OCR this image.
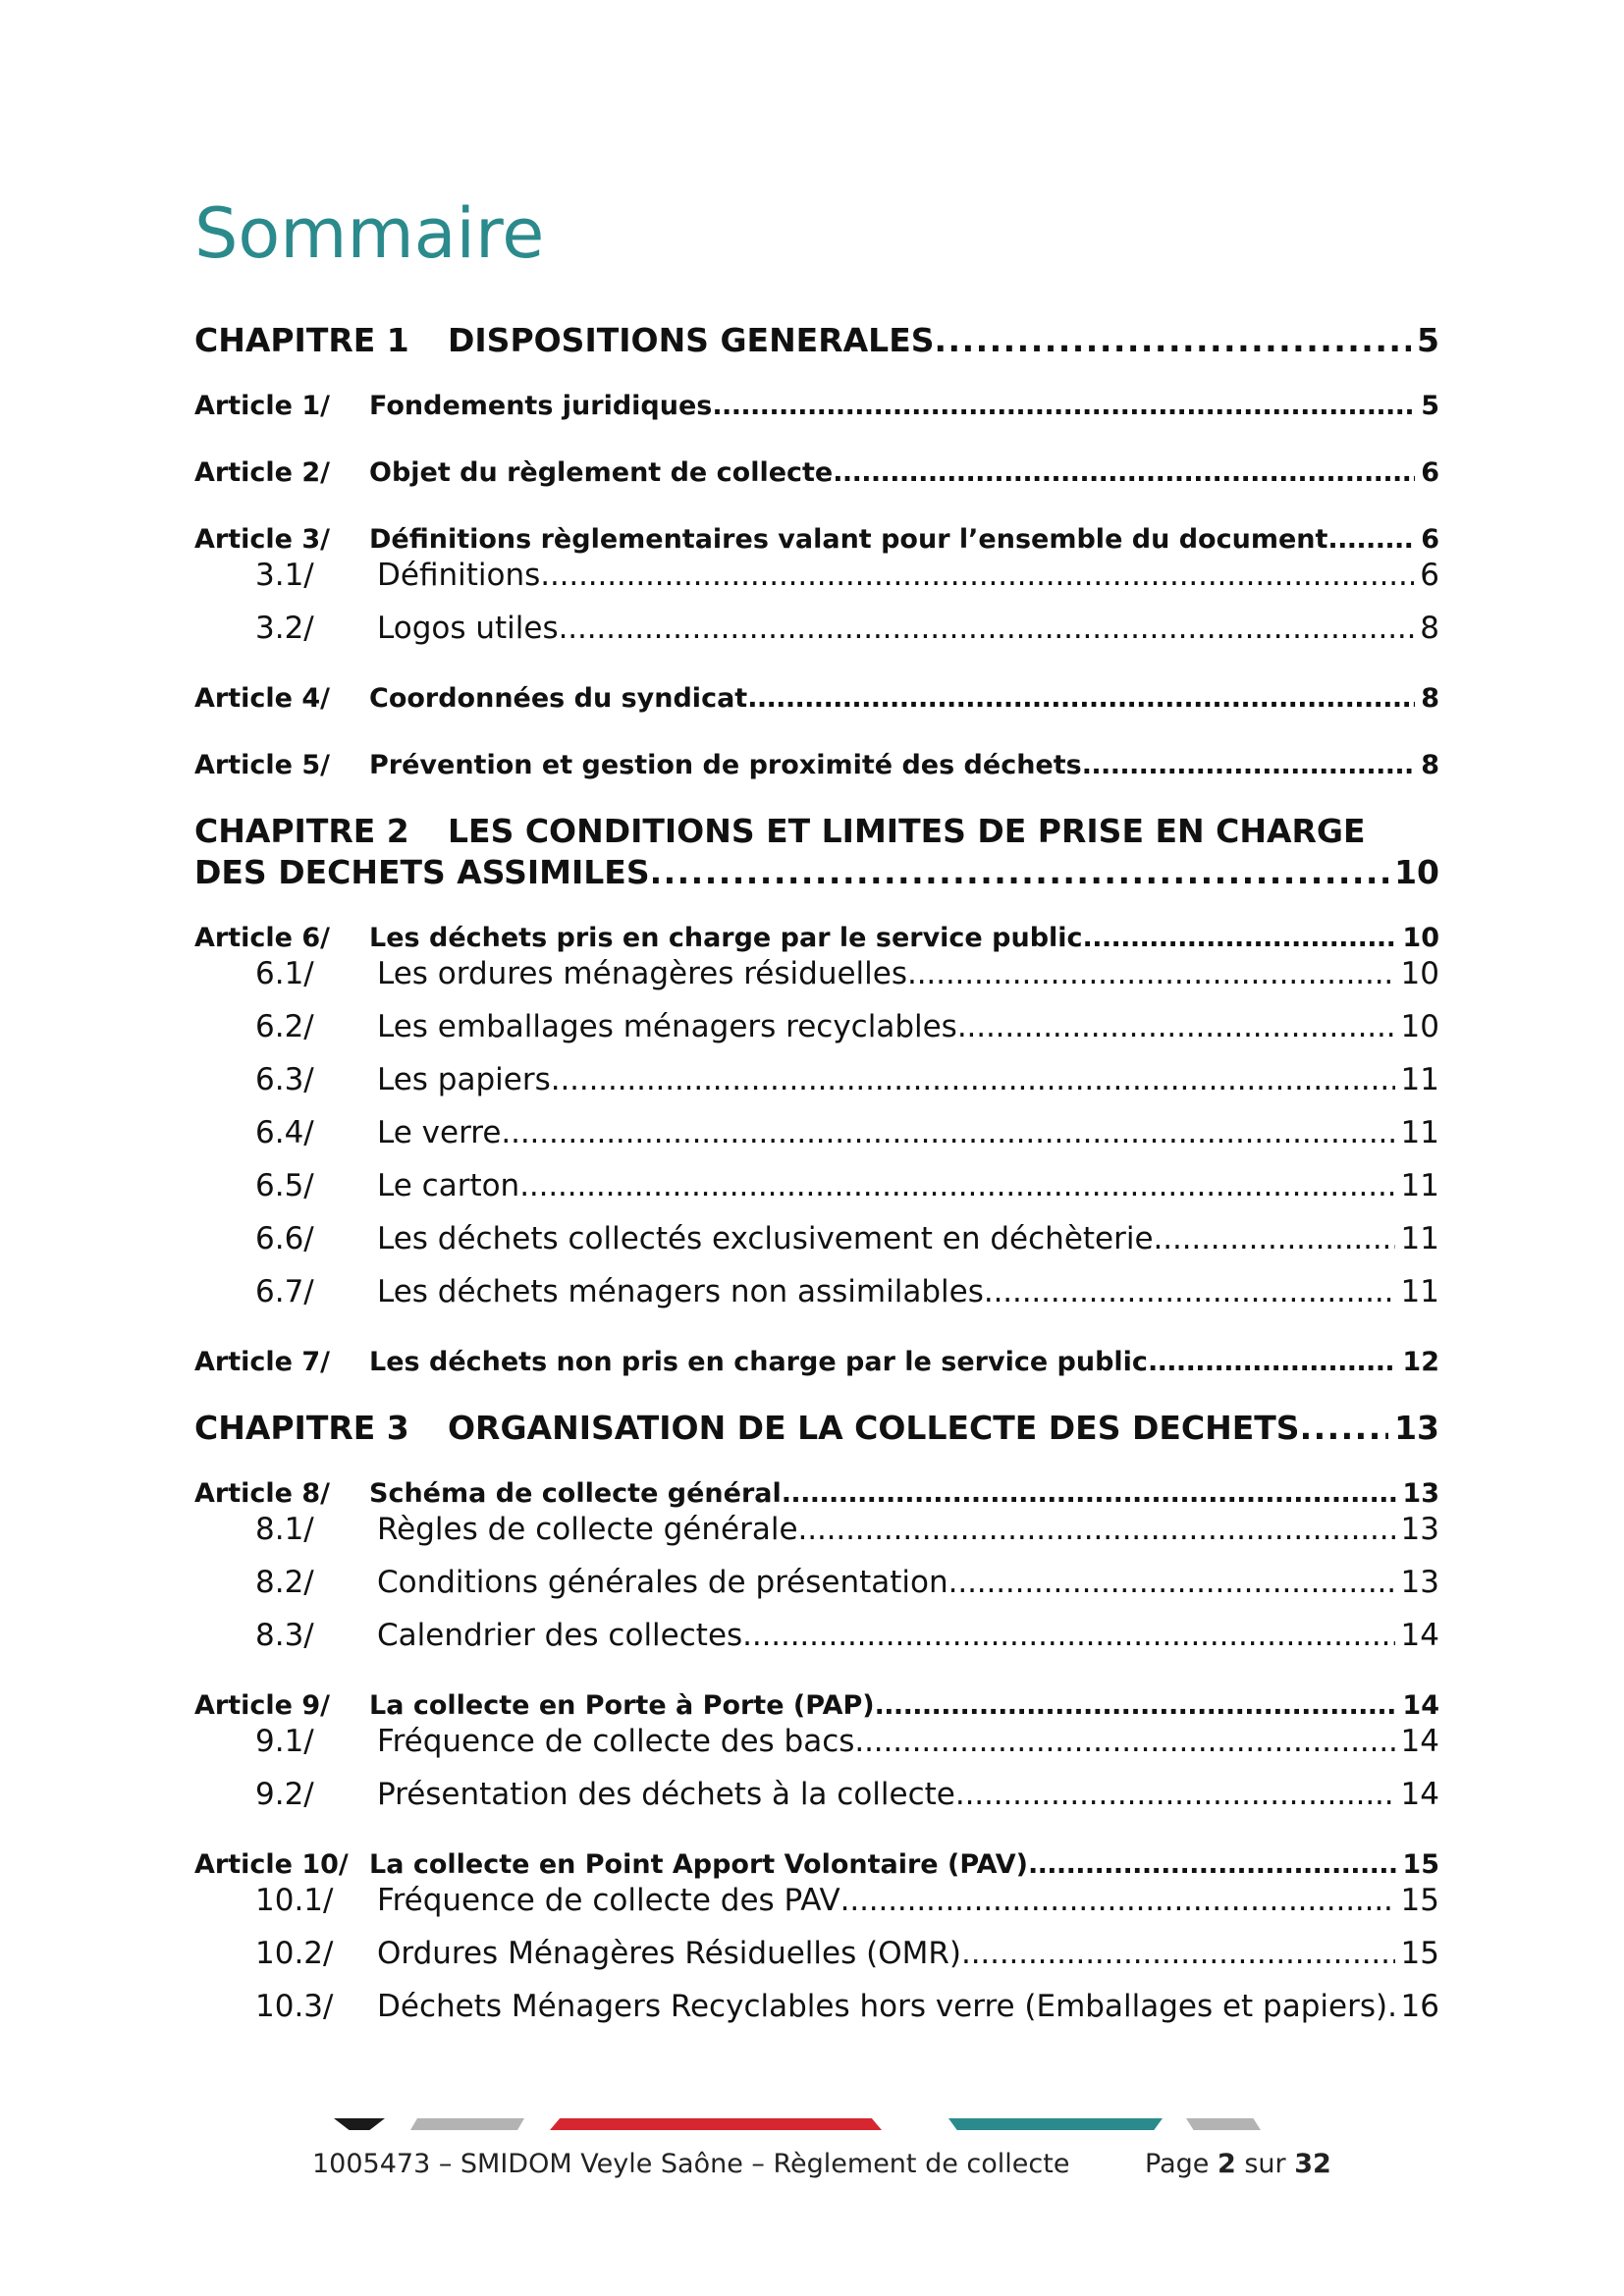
Sommaire
CHAPITRE 1	DISPOSITIONS GENERALES . . .	5
Article 1/	Fondements juridiques . . .	5
Article 2/	Objet du règlement de collecte . . .	6
Article 3/	Définitions règlementaires valant pour l’ensemble du document . . .	6
3.1/	Définitions . . .	6
3.2/	Logos utiles . . .	8
Article 4/	Coordonnées du syndicat . . .	8
Article 5/	Prévention et gestion de proximité des déchets . . .	8
CHAPITRE 2 LES CONDITIONS ET LIMITES DE PRISE EN CHARGE
DES DECHETS ASSIMILES . . .	10
Article 6/	Les déchets pris en charge par le service public . . .	10
6.1/	Les ordures ménagères résiduelles . . .	10
6.2/	Les emballages ménagers recyclables . . .	10
6.3/	Les papiers . . .	11
6.4/	Le verre . . .	11
6.5/	Le carton . . .	11
6.6/	Les déchets collectés exclusivement en déchèterie . . .	11
6.7/	Les déchets ménagers non assimilables . . .	11
Article 7/	Les déchets non pris en charge par le service public . . .	12
CHAPITRE 3	ORGANISATION DE LA COLLECTE DES DECHETS . . .	13
Article 8/	Schéma de collecte général . . .	13
8.1/	Règles de collecte générale . . .	13
8.2/	Conditions générales de présentation . . .	13
8.3/	Calendrier des collectes . . .	14
Article 9/	La collecte en Porte à Porte (PAP) . . .	14
9.1/	Fréquence de collecte des bacs . . .	14
9.2/	Présentation des déchets à la collecte . . .	14
Article 10/ La collecte en Point Apport Volontaire (PAV) . . .	15
10.1/	Fréquence de collecte des PAV . . .	15
10.2/	Ordures Ménagères Résiduelles (OMR) . . .	15
10.3/	Déchets Ménagers Recyclables hors verre (Emballages et papiers) . . . 16
1005473 – SMIDOM Veyle Saône – Règlement de collecte	Page 2 sur 32
